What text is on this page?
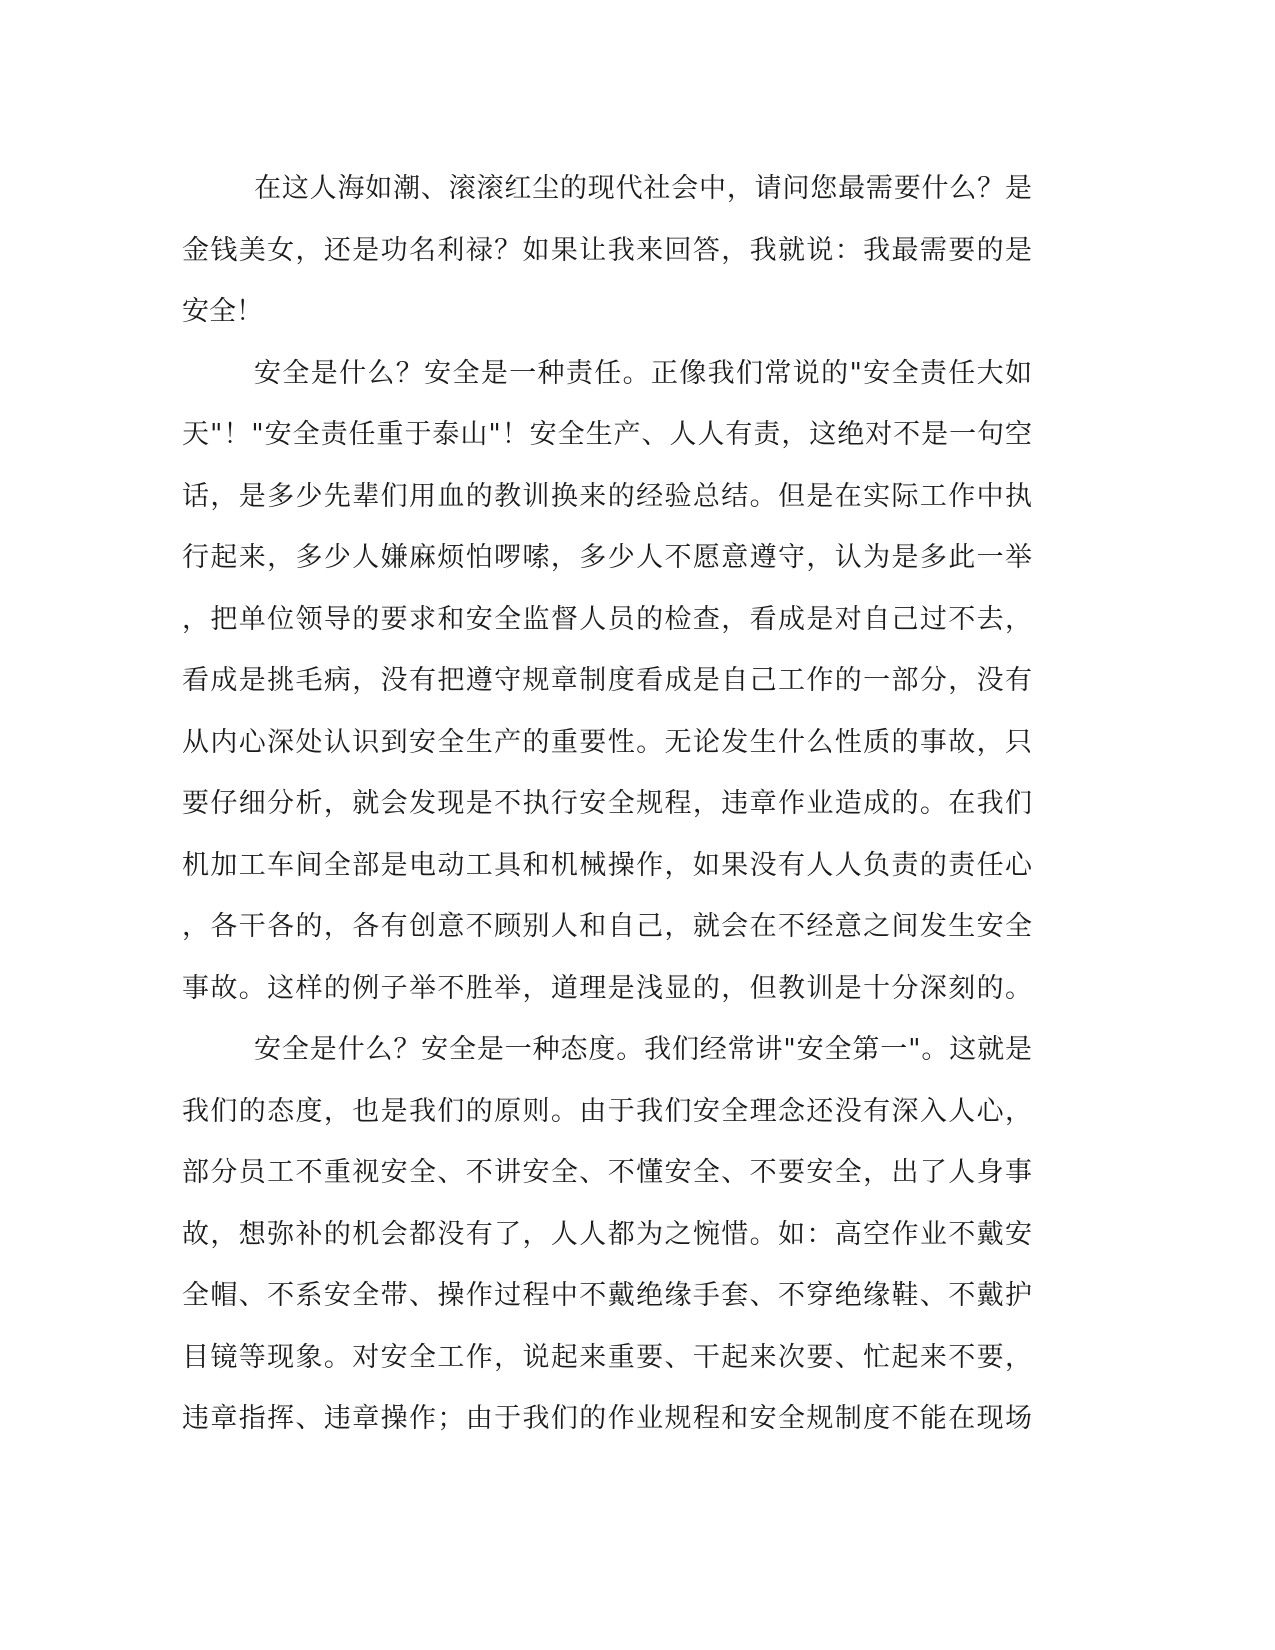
在这人海如潮、滚滚红尘的现代社会中，请问您最需要什么？是
金钱美女，还是功名利禄？如果让我来回答，我就说：我最需要的是
安全！
安全是什么？安全是一种责任。正像我们常说的"安全责任大如
天"！"安全责任重于泰山"！安全生产、人人有责，这绝对不是一句空
话，是多少先辈们用血的教训换来的经验总结。但是在实际工作中执
行起来，多少人嫌麻烦怕啰嗦，多少人不愿意遵守，认为是多此一举
，把单位领导的要求和安全监督人员的检查，看成是对自己过不去，
看成是挑毛病，没有把遵守规章制度看成是自己工作的一部分，没有
从内心深处认识到安全生产的重要性。无论发生什么性质的事故，只
要仔细分析，就会发现是不执行安全规程，违章作业造成的。在我们
机加工车间全部是电动工具和机械操作，如果没有人人负责的责任心
，各干各的，各有创意不顾别人和自己，就会在不经意之间发生安全
事故。这样的例子举不胜举，道理是浅显的，但教训是十分深刻的。
安全是什么？安全是一种态度。我们经常讲"安全第一"。这就是
我们的态度，也是我们的原则。由于我们安全理念还没有深入人心，
部分员工不重视安全、不讲安全、不懂安全、不要安全，出了人身事
故，想弥补的机会都没有了，人人都为之惋惜。如：高空作业不戴安
全帽、不系安全带、操作过程中不戴绝缘手套、不穿绝缘鞋、不戴护
目镜等现象。对安全工作，说起来重要、干起来次要、忙起来不要，
违章指挥、违章操作；由于我们的作业规程和安全规制度不能在现场
